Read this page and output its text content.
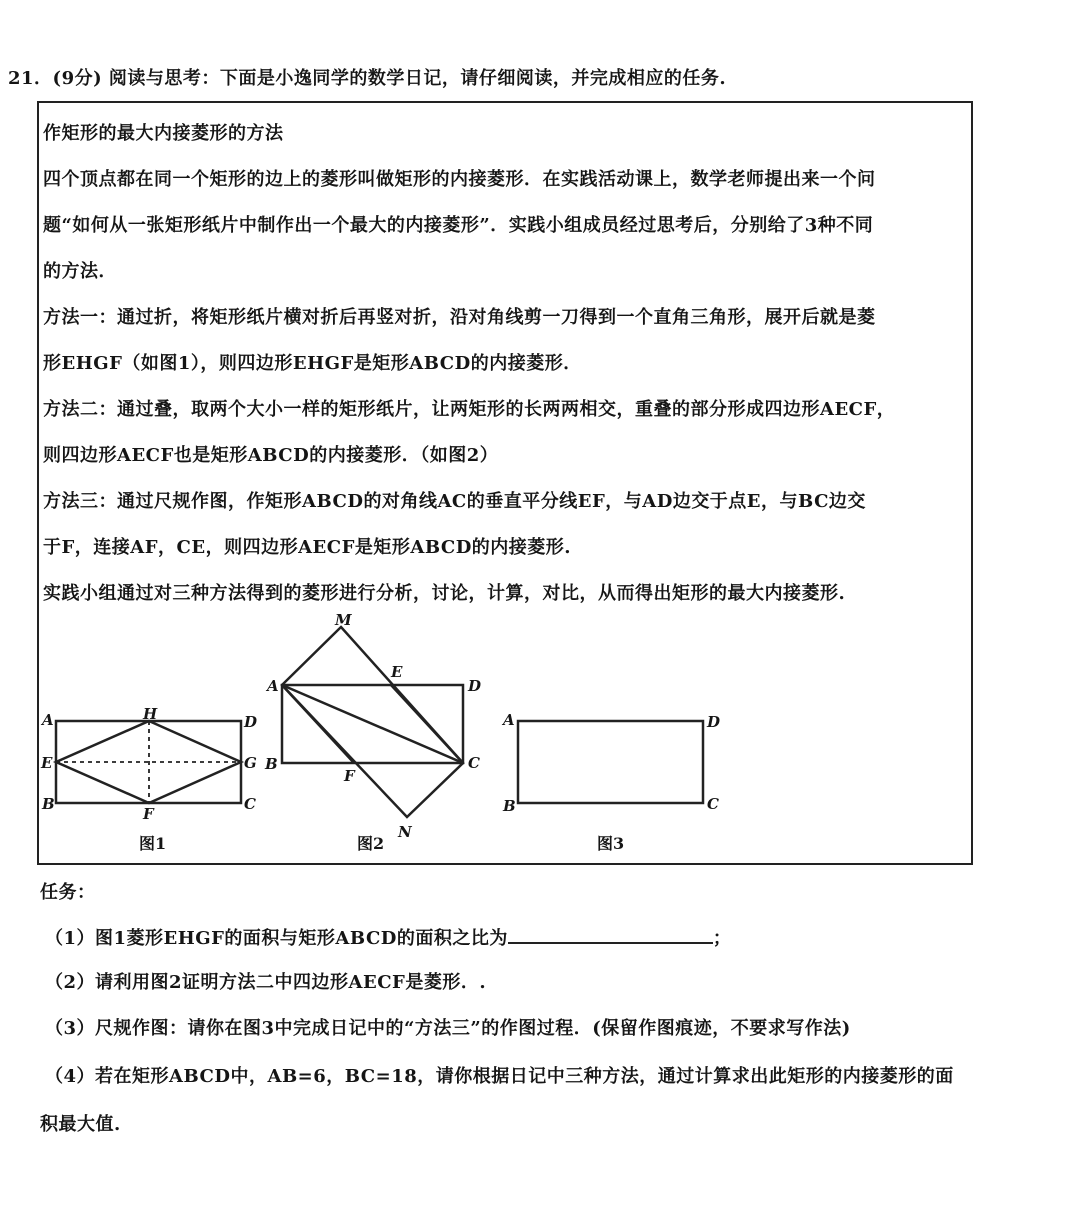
21．(9分) 阅读与思考：下面是小逸同学的数学日记，请仔细阅读，并完成相应的任务.
作矩形的最大内接菱形的方法
四个顶点都在同一个矩形的边上的菱形叫做矩形的内接菱形．在实践活动课上，数学老师提出来一个问
题“如何从一张矩形纸片中制作出一个最大的内接菱形”．实践小组成员经过思考后，分别给了3种不同
的方法．
方法一：通过折，将矩形纸片横对折后再竖对折，沿对角线剪一刀得到一个直角三角形，展开后就是菱
形EHGF（如图1），则四边形EHGF是矩形ABCD的内接菱形．
方法二：通过叠，取两个大小一样的矩形纸片，让两矩形的长两两相交，重叠的部分形成四边形AECF，
则四边形AECF也是矩形ABCD的内接菱形．（如图2）
方法三：通过尺规作图，作矩形ABCD的对角线AC的垂直平分线EF，与AD边交于点E，与BC边交
于F，连接AF，CE，则四边形AECF是矩形ABCD的内接菱形.
实践小组通过对三种方法得到的菱形进行分析，讨论，计算，对比，从而得出矩形的最大内接菱形.
A	H	D
E	G
B
F
C
图1
M
A
E
D
B
F
C
N
图2
A	D
B	C
图3
任务：
（1）图1菱形EHGF的面积与矩形ABCD的面积之比为	；
（2）请利用图2证明方法二中四边形AECF是菱形．.
（3）尺规作图：请你在图3中完成日记中的“方法三”的作图过程．(保留作图痕迹，不要求写作法)
（4）若在矩形ABCD中，AB=6，BC=18，请你根据日记中三种方法，通过计算求出此矩形的内接菱形的面
积最大值.
